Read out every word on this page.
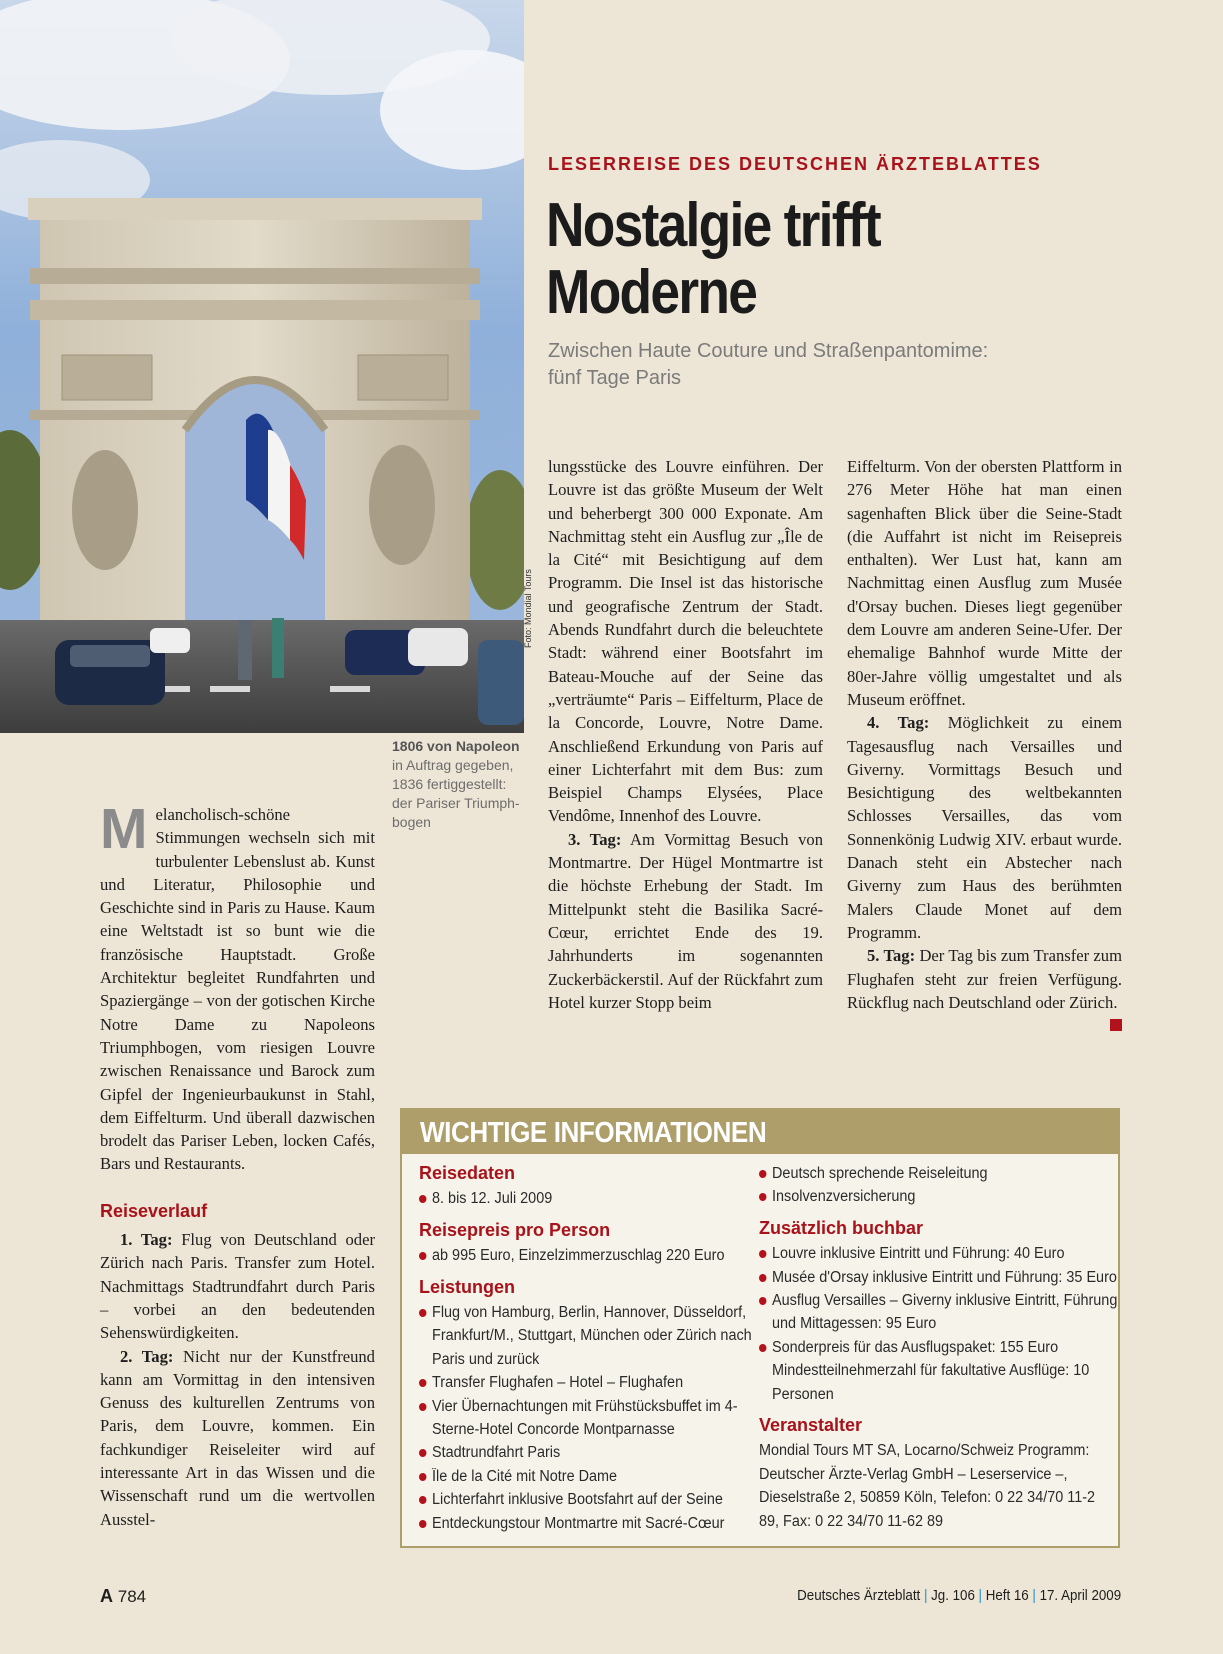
Foto: Mondial Tours
LESERREISE DES DEUTSCHEN ÄRZTEBLATTES
Nostalgie trifft
Moderne
Zwischen Haute Couture und Straßenpantomime:
fünf Tage Paris
1806 von Napoleon
in Auftrag gegeben,
1836 fertiggestellt:
der Pariser Triumph-
bogen

Melancholisch-schöne Stimmungen wechseln sich mit turbulenter Lebenslust ab. Kunst und Literatur, Philosophie und Geschichte sind in Paris zu Hause. Kaum eine Weltstadt ist so bunt wie die französische Hauptstadt. Große Architektur begleitet Rundfahrten und Spaziergänge – von der gotischen Kirche Notre Dame zu Napoleons Triumphbogen, vom riesigen Louvre zwischen Renaissance und Barock zum Gipfel der Ingenieurbaukunst in Stahl, dem Eiffelturm. Und überall dazwischen brodelt das Pariser Leben, locken Cafés, Bars und Restaurants.

Reiseverlauf

1. Tag: Flug von Deutschland oder Zürich nach Paris. Transfer zum Hotel. Nachmittags Stadtrundfahrt durch Paris – vorbei an den bedeutenden Sehenswürdigkeiten.

2. Tag: Nicht nur der Kunstfreund kann am Vormittag in den intensiven Genuss des kulturellen Zentrums von Paris, dem Louvre, kommen. Ein fachkundiger Reiseleiter wird auf interessante Art in das Wissen und die Wissenschaft rund um die wertvollen Ausstel-

lungsstücke des Louvre einführen. Der Louvre ist das größte Museum der Welt und beherbergt 300 000 Exponate. Am Nachmittag steht ein Ausflug zur „Île de la Cité“ mit Besichtigung auf dem Programm. Die Insel ist das historische und geografische Zentrum der Stadt. Abends Rundfahrt durch die beleuchtete Stadt: während einer Bootsfahrt im Bateau-Mouche auf der Seine das „verträumte“ Paris – Eiffelturm, Place de la Concorde, Louvre, Notre Dame. Anschließend Erkundung von Paris auf einer Lichterfahrt mit dem Bus: zum Beispiel Champs Elysées, Place Vendôme, Innenhof des Louvre.

3. Tag: Am Vormittag Besuch von Montmartre. Der Hügel Montmartre ist die höchste Erhebung der Stadt. Im Mittelpunkt steht die Basilika Sacré-Cœur, errichtet Ende des 19. Jahrhunderts im sogenannten Zuckerbäckerstil. Auf der Rückfahrt zum Hotel kurzer Stopp beim

Eiffelturm. Von der obersten Plattform in 276 Meter Höhe hat man einen sagenhaften Blick über die Seine-Stadt (die Auffahrt ist nicht im Reisepreis enthalten). Wer Lust hat, kann am Nachmittag einen Ausflug zum Musée d'Orsay buchen. Dieses liegt gegenüber dem Louvre am anderen Seine-Ufer. Der ehemalige Bahnhof wurde Mitte der 80er-Jahre völlig umgestaltet und als Museum eröffnet.

4. Tag: Möglichkeit zu einem Tagesausflug nach Versailles und Giverny. Vormittags Besuch und Besichtigung des weltbekannten Schlosses Versailles, das vom Sonnenkönig Ludwig XIV. erbaut wurde. Danach steht ein Abstecher nach Giverny zum Haus des berühmten Malers Claude Monet auf dem Programm.

5. Tag: Der Tag bis zum Transfer zum Flughafen steht zur freien Verfügung. Rückflug nach Deutschland oder Zürich.

WICHTIGE INFORMATIONEN
Reisedaten
8. bis 12. Juli 2009
Reisepreis pro Person
ab 995 Euro, Einzelzimmerzuschlag 220 Euro
Leistungen
Flug von Hamburg, Berlin, Hannover, Düsseldorf, Frankfurt/M., Stuttgart, München oder Zürich nach Paris und zurück
Transfer Flughafen – Hotel – Flughafen
Vier Übernachtungen mit Frühstücksbuffet im 4-Sterne-Hotel Concorde Montparnasse
Stadtrundfahrt Paris
Île de la Cité mit Notre Dame
Lichterfahrt inklusive Bootsfahrt auf der Seine
Entdeckungstour Montmartre mit Sacré-Cœur
Deutsch sprechende Reiseleitung
Insolvenzversicherung
Zusätzlich buchbar
Louvre inklusive Eintritt und Führung: 40 Euro
Musée d'Orsay inklusive Eintritt und Führung: 35 Euro
Ausflug Versailles – Giverny inklusive Eintritt, Führung und Mittagessen: 95 Euro
Sonderpreis für das Ausflugspaket: 155 Euro Mindestteilnehmerzahl für fakultative Ausflüge: 10 Personen
Veranstalter
Mondial Tours MT SA, Locarno/Schweiz Programm: Deutscher Ärzte-Verlag GmbH – Leserservice –, Dieselstraße 2, 50859 Köln, Telefon: 0 22 34/70 11-2 89, Fax: 0 22 34/70 11-62 89
A 784	Deutsches Ärzteblatt | Jg. 106 | Heft 16 | 17. April 2009
